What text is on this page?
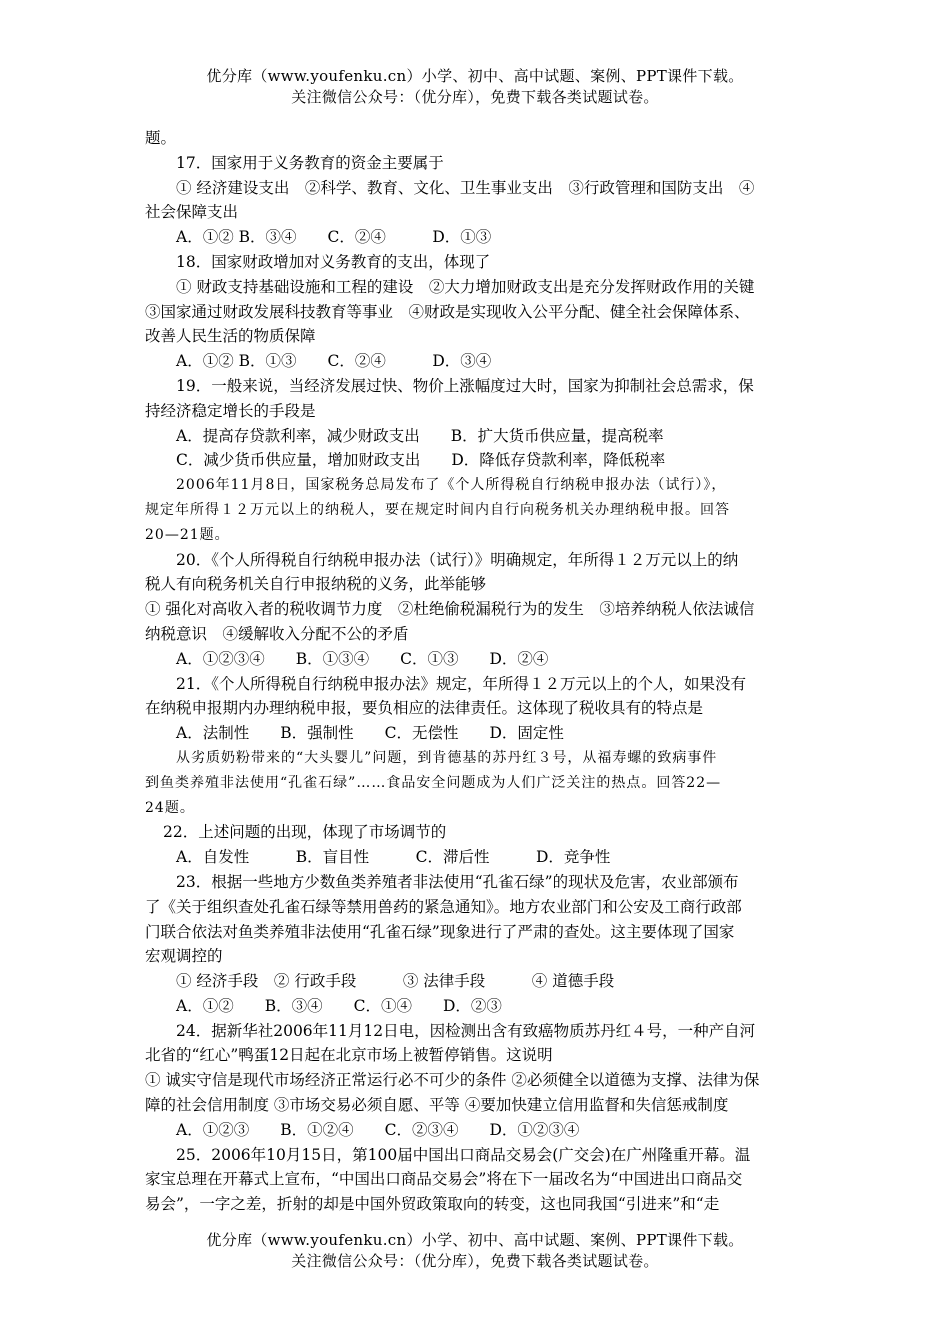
优分库（www.youfenku.cn）小学、初中、高中试题、案例、PPT课件下载。
关注微信公众号：（优分库），免费下载各类试题试卷。
题。
17．国家用于义务教育的资金主要属于
① 经济建设支出　②科学、教育、文化、卫生事业支出　③行政管理和国防支出　④
社会保障支出
A．①② B．③④　　C．②④　　　D．①③
18．国家财政增加对义务教育的支出，体现了
① 财政支持基础设施和工程的建设　②大力增加财政支出是充分发挥财政作用的关键
③国家通过财政发展科技教育等事业　④财政是实现收入公平分配、健全社会保障体系、
改善人民生活的物质保障
A．①② B．①③　　C．②④　　　D．③④
19．一般来说，当经济发展过快、物价上涨幅度过大时，国家为抑制社会总需求，保
持经济稳定增长的手段是
A．提高存贷款利率，减少财政支出　　B．扩大货币供应量，提高税率
C．减少货币供应量，增加财政支出　　D．降低存贷款利率，降低税率
2006年11月8日，国家税务总局发布了《个人所得税自行纳税申报办法（试行）》，
规定年所得１２万元以上的纳税人，要在规定时间内自行向税务机关办理纳税申报。回答
20—21题。
20．《个人所得税自行纳税申报办法（试行）》明确规定，年所得１２万元以上的纳
税人有向税务机关自行申报纳税的义务，此举能够
① 强化对高收入者的税收调节力度　②杜绝偷税漏税行为的发生　③培养纳税人依法诚信
纳税意识　④缓解收入分配不公的矛盾
A．①②③④　　B．①③④　　C．①③　　D．②④
21．《个人所得税自行纳税申报办法》规定，年所得１２万元以上的个人，如果没有
在纳税申报期内办理纳税申报，要负相应的法律责任。这体现了税收具有的特点是
A．法制性　　B．强制性　　C．无偿性　　D．固定性
从劣质奶粉带来的“大头婴儿”问题，到肯德基的苏丹红３号，从福寿螺的致病事件
到鱼类养殖非法使用“孔雀石绿”……食品安全问题成为人们广泛关注的热点。回答22—
24题。
22．上述问题的出现，体现了市场调节的
A．自发性　　　B．盲目性　　　C．滞后性　　　D．竞争性
23．根据一些地方少数鱼类养殖者非法使用“孔雀石绿”的现状及危害，农业部颁布
了《关于组织查处孔雀石绿等禁用兽药的紧急通知》。地方农业部门和公安及工商行政部
门联合依法对鱼类养殖非法使用“孔雀石绿”现象进行了严肃的查处。这主要体现了国家
宏观调控的
① 经济手段　② 行政手段　　　③ 法律手段　　　④ 道德手段
A．①②　　B．③④　　C．①④　　D．②③
24．据新华社2006年11月12日电，因检测出含有致癌物质苏丹红４号，一种产自河
北省的“红心”鸭蛋12日起在北京市场上被暂停销售。这说明
① 诚实守信是现代市场经济正常运行必不可少的条件 ②必须健全以道德为支撑、法律为保
障的社会信用制度 ③市场交易必须自愿、平等 ④要加快建立信用监督和失信惩戒制度
A．①②③　　B．①②④　　C．②③④　　D．①②③④
25．2006年10月15日，第100届中国出口商品交易会(广交会)在广州隆重开幕。温
家宝总理在开幕式上宣布，“中国出口商品交易会”将在下一届改名为“中国进出口商品交
易会”，一字之差，折射的却是中国外贸政策取向的转变，这也同我国“引进来”和“走
优分库（www.youfenku.cn）小学、初中、高中试题、案例、PPT课件下载。
关注微信公众号：（优分库），免费下载各类试题试卷。
